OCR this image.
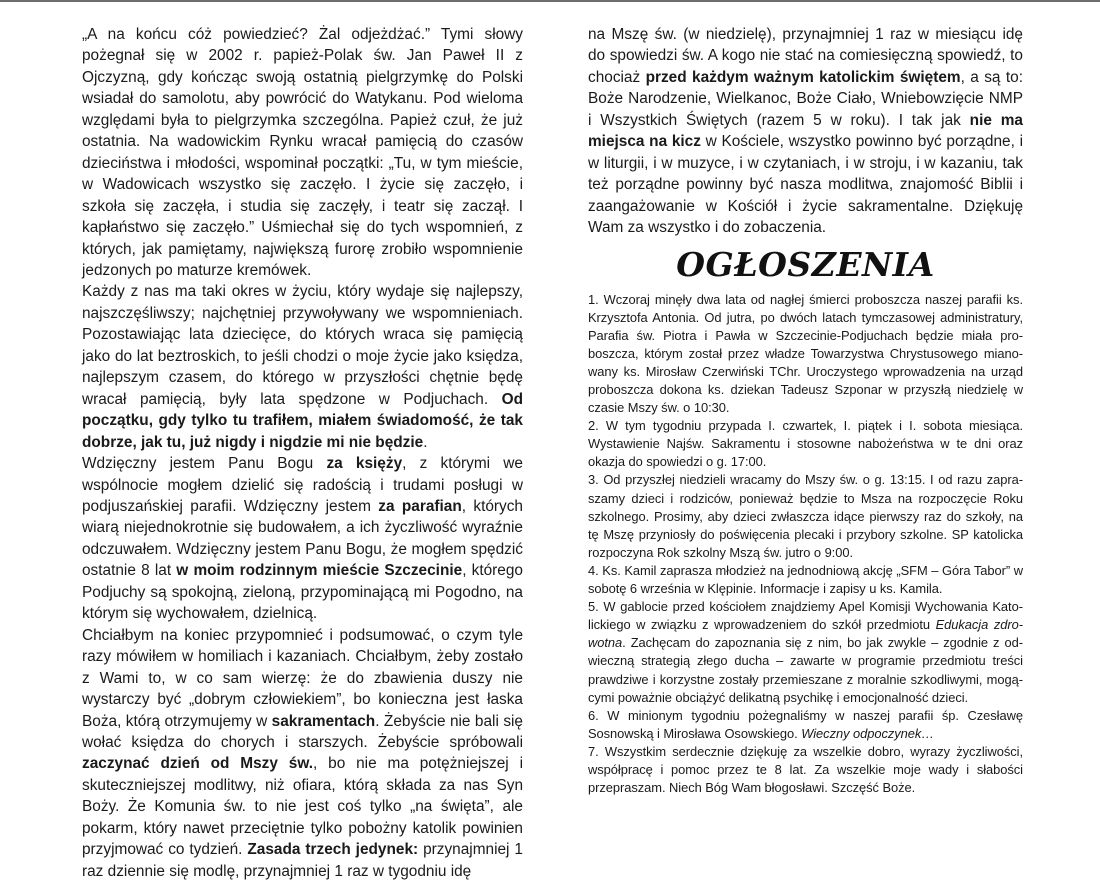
„A na końcu cóż powiedzieć? Żal odjeżdżać.” Tymi słowy pożegnał się w 2002 r. papież-Polak św. Jan Paweł II z Ojczyzną, gdy kończąc swoją ostatnią pielgrzymkę do Polski wsiadał do samolotu, aby powrócić do Watykanu. Pod wieloma względami była to pielgrzymka szczególna. Papież czuł, że już ostatnia. Na wadowickim Rynku wracał pamięcią do czasów dzieciństwa i młodości, wspominał początki: „Tu, w tym mieście, w Wadowicach wszystko się zaczęło. I życie się zaczęło, i szkoła się zaczęła, i studia się zaczęły, i teatr się zaczął. I kapłaństwo się zaczęło.” Uśmiechał się do tych wspomnień, z których, jak pamiętamy, największą furorę zrobiło wspomnienie jedzonych po maturze kremówek.

Każdy z nas ma taki okres w życiu, który wydaje się najlepszy, najszczęśliwszy; najchętniej przywoływany we wspomnieniach. Pozostawiając lata dziecięce, do których wraca się pamięcią jako do lat beztroskich, to jeśli chodzi o moje życie jako księdza, najlepszym czasem, do którego w przyszłości chętnie będę wracał pamięcią, były lata spędzone w Podjuchach. Od początku, gdy tylko tu trafiłem, miałem świadomość, że tak dobrze, jak tu, już nigdy i nigdzie mi nie będzie.

Wdzięczny jestem Panu Bogu za księży, z którymi we wspólnocie mogłem dzielić się radością i trudami posługi w podjuszańskiej parafii. Wdzięczny jestem za parafian, których wiarą niejednokrotnie się budowałem, a ich życzliwość wyraźnie odczuwałem. Wdzięczny jestem Panu Bogu, że mogłem spędzić ostatnie 8 lat w moim rodzinnym mieście Szczecinie, którego Podjuchy są spokojną, zieloną, przypominającą mi Pogodno, na którym się wychowałem, dzielnicą.

Chciałbym na koniec przypomnieć i podsumować, o czym tyle razy mówiłem w homiliach i kazaniach. Chciałbym, żeby zostało z Wami to, w co sam wierzę: że do zbawienia duszy nie wystarczy być „dobrym człowiekiem”, bo konieczna jest łaska Boża, którą otrzymujemy w sakramentach. Żebyście nie bali się wołać księdza do chorych i starszych. Żebyście spróbowali zaczynać dzień od Mszy św., bo nie ma potężniejszej i skuteczniejszej modlitwy, niż ofiara, którą składa za nas Syn Boży. Że Komunia św. to nie jest coś tylko „na święta”, ale pokarm, który nawet przeciętnie tylko pobożny katolik powinien przyjmować co tydzień. Zasada trzech jedynek: przynajmniej 1 raz dziennie się modlę, przynajmniej 1 raz w tygodniu idę

na Mszę św. (w niedzielę), przynajmniej 1 raz w miesiącu idę do spowiedzi św. A kogo nie stać na comiesięczną spowiedź, to chociaż przed każdym ważnym katolickim świętem, a są to: Boże Narodzenie, Wielkanoc, Boże Ciało, Wniebowzięcie NMP i Wszystkich Świętych (razem 5 w roku). I tak jak nie ma miejsca na kicz w Kościele, wszystko powinno być porządne, i w liturgii, i w muzyce, i w czytaniach, i w stroju, i w kazaniu, tak też porządne powinny być nasza modlitwa, znajomość Biblii i zaangażowanie w Kościół i życie sakramentalne. Dziękuję Wam za wszystko i do zobaczenia.

OGŁOSZENIA

1. Wczoraj minęły dwa lata od nagłej śmierci proboszcza naszej parafii ks. Krzysztofa Antonia. Od jutra, po dwóch latach tymczasowej administratury, Parafia św. Piotra i Pawła w Szczecinie-Podjuchach będzie miała proboszcza, którym został przez władze Towarzystwa Chrystusowego mianowany ks. Mirosław Czerwiński TChr. Uroczystego wprowadzenia na urząd proboszcza dokona ks. dziekan Tadeusz Szponar w przyszłą niedzielę w czasie Mszy św. o 10:30.

2. W tym tygodniu przypada I. czwartek, I. piątek i I. sobota miesiąca. Wystawienie Najśw. Sakramentu i stosowne nabożeństwa w te dni oraz okazja do spowiedzi o g. 17:00.

3. Od przyszłej niedzieli wracamy do Mszy św. o g. 13:15. I od razu zapraszamy dzieci i rodziców, ponieważ będzie to Msza na rozpoczęcie Roku szkolnego. Prosimy, aby dzieci zwłaszcza idące pierwszy raz do szkoły, na tę Mszę przyniosły do poświęcenia plecaki i przybory szkolne. SP katolicka rozpoczyna Rok szkolny Mszą św. jutro o 9:00.

4. Ks. Kamil zaprasza młodzież na jednodniową akcję „SFM – Góra Tabor” w sobotę 6 września w Klępinie. Informacje i zapisy u ks. Kamila.

5. W gablocie przed kościołem znajdziemy Apel Komisji Wychowania Katolickiego w związku z wprowadzeniem do szkół przedmiotu Edukacja zdrowotna. Zachęcam do zapoznania się z nim, bo jak zwykle – zgodnie z odwieczną strategią złego ducha – zawarte w programie przedmiotu treści prawdziwe i korzystne zostały przemieszane z moralnie szkodliwymi, mogącymi poważnie obciążyć delikatną psychikę i emocjonalność dzieci.

6. W minionym tygodniu pożegnaliśmy w naszej parafii śp. Czesławę Sosnowską i Mirosława Osowskiego. Wieczny odpoczynek…

7. Wszystkim serdecznie dziękuję za wszelkie dobro, wyrazy życzliwości, współpracę i pomoc przez te 8 lat. Za wszelkie moje wady i słabości przepraszam. Niech Bóg Wam błogosławi. Szczęść Boże.
